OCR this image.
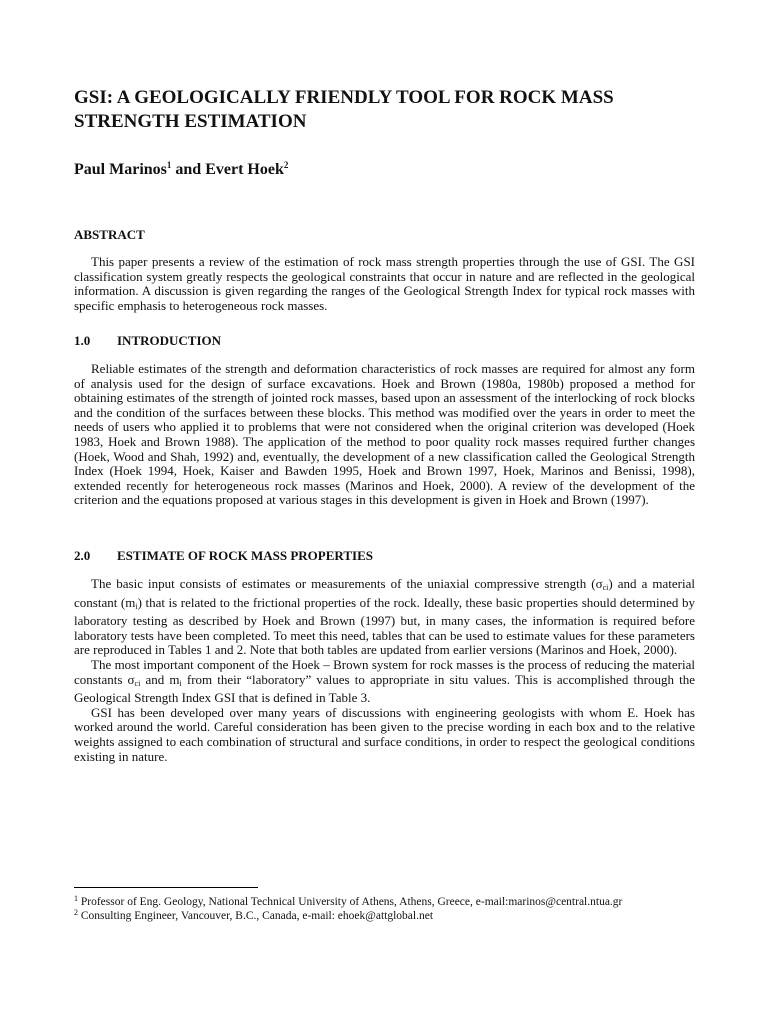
GSI: A GEOLOGICALLY FRIENDLY TOOL FOR ROCK MASS STRENGTH ESTIMATION

Paul Marinos$^1$ and Evert Hoek$^2$

ABSTRACT

This paper presents a review of the estimation of rock mass strength properties through the use of GSI. The GSI classification system greatly respects the geological constraints that occur in nature and are reflected in the geological information. A discussion is given regarding the ranges of the Geological Strength Index for typical rock masses with specific emphasis to heterogeneous rock masses.

1.0 INTRODUCTION

Reliable estimates of the strength and deformation characteristics of rock masses are required for almost any form of analysis used for the design of surface excavations. Hoek and Brown (1980a, 1980b) proposed a method for obtaining estimates of the strength of jointed rock masses, based upon an assessment of the interlocking of rock blocks and the condition of the surfaces between these blocks. This method was modified over the years in order to meet the needs of users who applied it to problems that were not considered when the original criterion was developed (Hoek 1983, Hoek and Brown 1988). The application of the method to poor quality rock masses required further changes (Hoek, Wood and Shah, 1992) and, eventually, the development of a new classification called the Geological Strength Index (Hoek 1994, Hoek, Kaiser and Bawden 1995, Hoek and Brown 1997, Hoek, Marinos and Benissi, 1998), extended recently for heterogeneous rock masses (Marinos and Hoek, 2000). A review of the development of the criterion and the equations proposed at various stages in this development is given in Hoek and Brown (1997).

2.0 ESTIMATE OF ROCK MASS PROPERTIES

The basic input consists of estimates or measurements of the uniaxial compressive strength $(\sigma_{ci})$ and a material constant $(m_i)$ that is related to the frictional properties of the rock. Ideally, these basic properties should determined by laboratory testing as described by Hoek and Brown (1997) but, in many cases, the information is required before laboratory tests have been completed. To meet this need, tables that can be used to estimate values for these parameters are reproduced in Tables 1 and 2. Note that both tables are updated from earlier versions (Marinos and Hoek, 2000).

The most important component of the Hoek – Brown system for rock masses is the process of reducing the material constants $\sigma_{ci}$ and $m_i$ from their “laboratory” values to appropriate in situ values. This is accomplished through the Geological Strength Index GSI that is defined in Table 3.

GSI has been developed over many years of discussions with engineering geologists with whom E. Hoek has worked around the world. Careful consideration has been given to the precise wording in each box and to the relative weights assigned to each combination of structural and surface conditions, in order to respect the geological conditions existing in nature.

$^1$ Professor of Eng. Geology, National Technical University of Athens, Athens, Greece, e-mail:marinos@central.ntua.gr

$^2$ Consulting Engineer, Vancouver, B.C., Canada, e-mail: ehoek@attglobal.net
